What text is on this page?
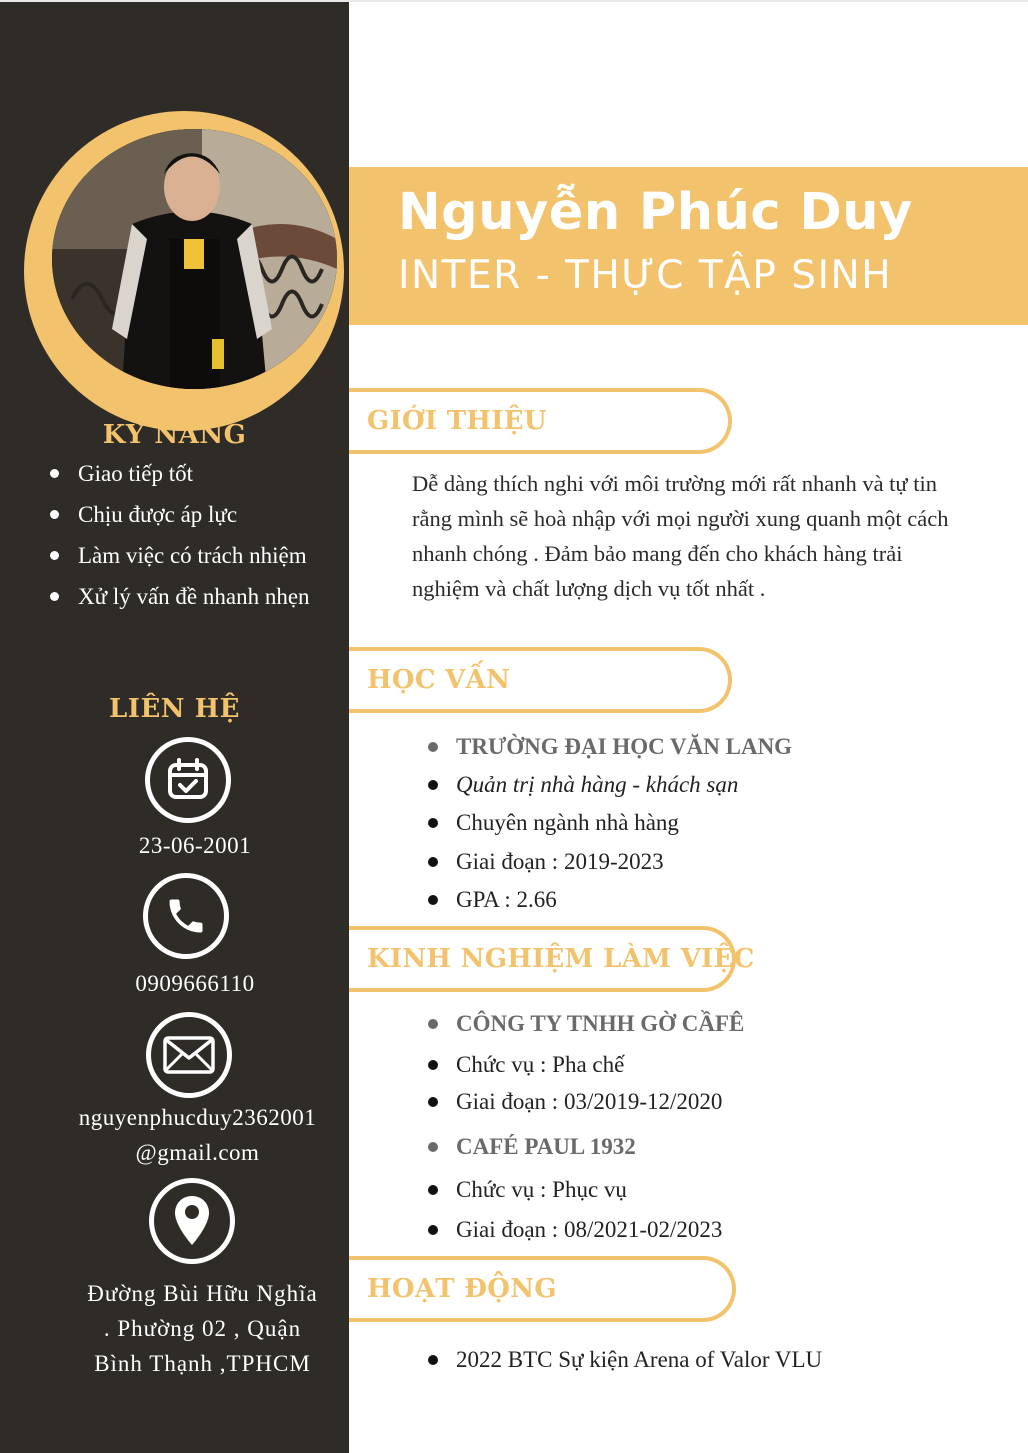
KỸ NĂNG
Giao tiếp tốt
Chịu được áp lực
Làm việc có trách nhiệm
Xử lý vấn đề nhanh nhẹn
LIÊN HỆ
23-06-2001
0909666110
nguyenphucduy2362001
@gmail.com
Đường Bùi Hữu Nghĩa
. Phường 02 , Quận
Bình Thạnh ,TPHCM
Nguyễn Phúc Duy
INTER - THỰC TẬP SINH
GIỚI THIỆU

Dễ dàng thích nghi với môi trường mới rất nhanh và tự tin rằng mình sẽ hoà nhập với mọi người xung quanh một cách nhanh chóng . Đảm bảo mang đến cho khách hàng trải nghiệm và chất lượng dịch vụ tốt nhất .

HỌC VẤN
TRƯỜNG ĐẠI HỌC VĂN LANG
Quản trị nhà hàng - khách sạn
Chuyên ngành nhà hàng
Giai đoạn : 2019-2023
GPA : 2.66
KINH NGHIỆM LÀM VIỆC
CÔNG TY TNHH GỜ CẦFÊ
Chức vụ : Pha chế
Giai đoạn : 03/2019-12/2020
CAFÉ PAUL 1932
Chức vụ : Phục vụ
Giai đoạn : 08/2021-02/2023
HOẠT ĐỘNG
2022 BTC Sự kiện Arena of Valor VLU
